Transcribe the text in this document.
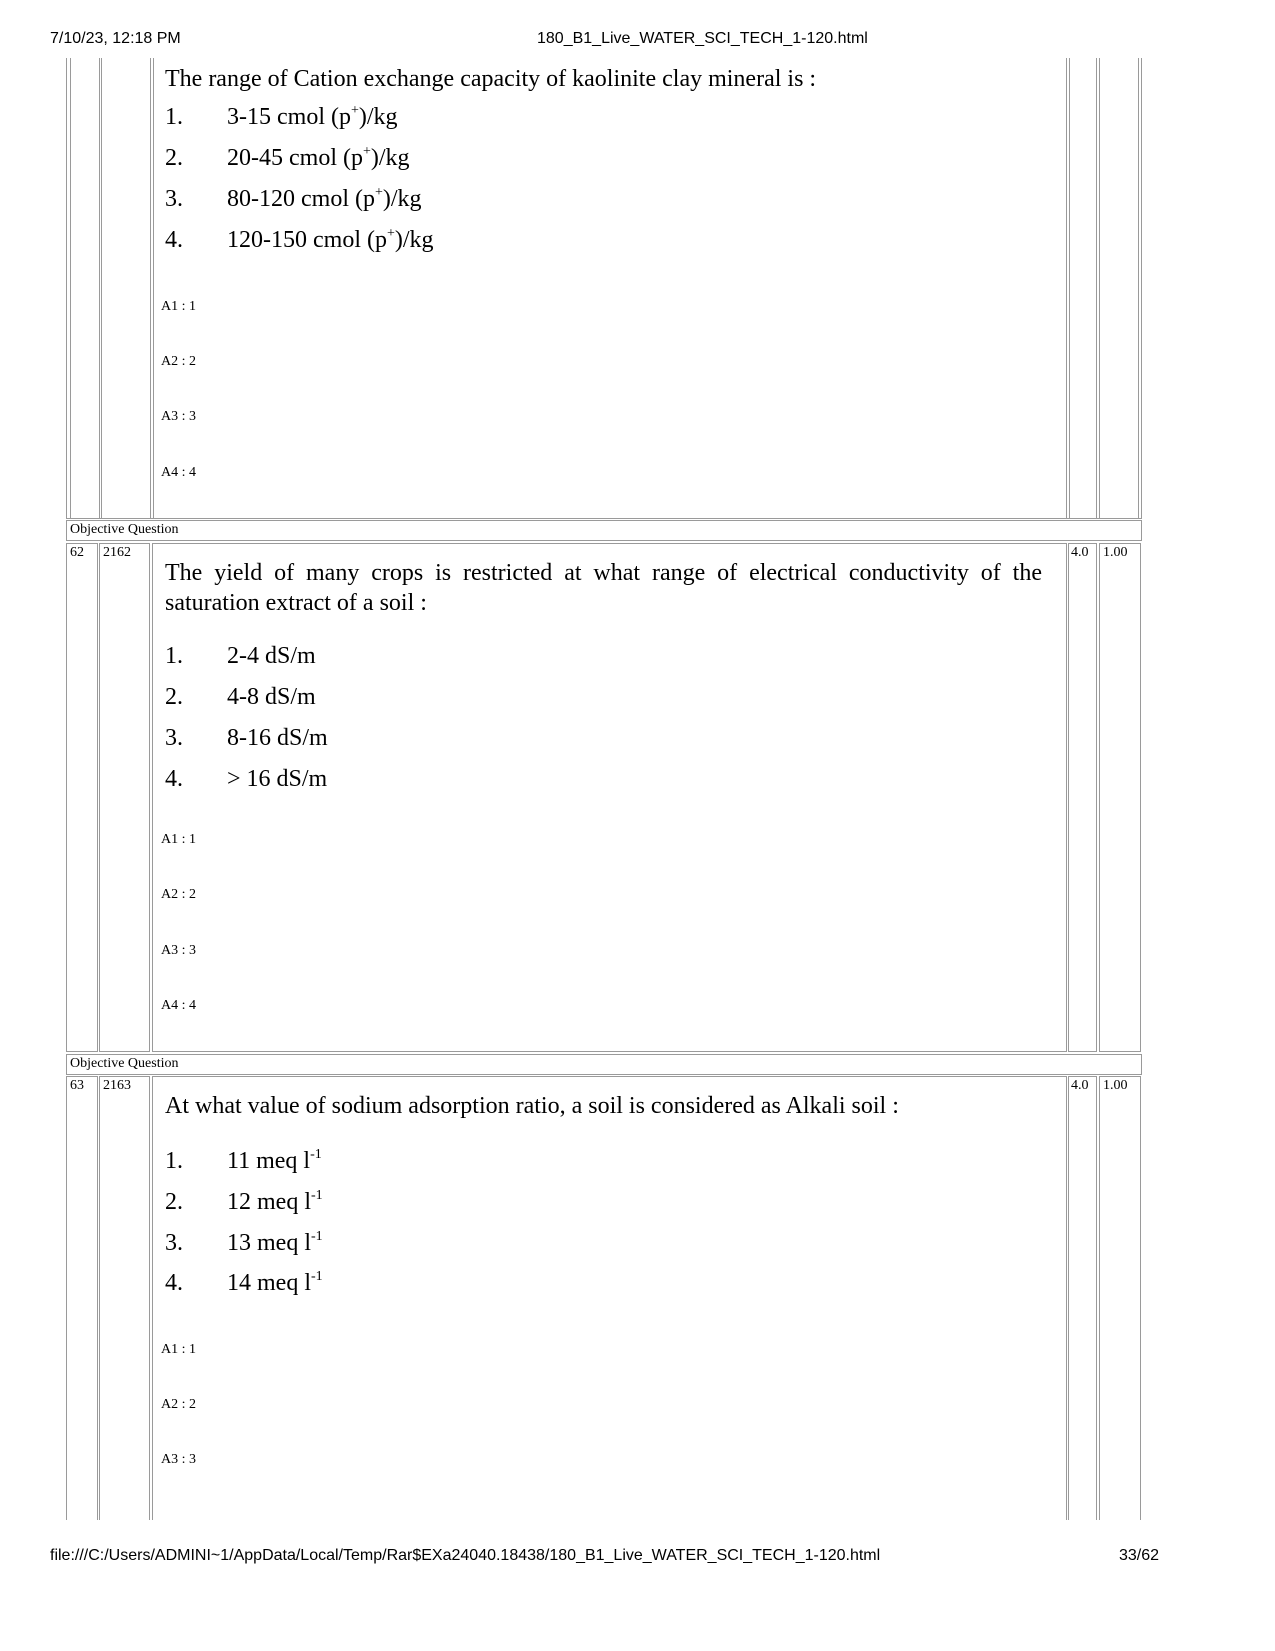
7/10/23, 12:18 PM	180_B1_Live_WATER_SCI_TECH_1-120.html
The range of Cation exchange capacity of kaolinite clay mineral is :
1.	3-15 cmol (p+)/kg
2.	20-45 cmol (p+)/kg
3.	80-120 cmol (p+)/kg
4.	120-150 cmol (p+)/kg
A1 : 1
A2 : 2
A3 : 3
A4 : 4
Objective Question
62 2162	4.0 1.00
The yield of many crops is restricted at what range of electrical conductivity of the saturation extract of a soil :
1.	2-4 dS/m
2.	4-8 dS/m
3.	8-16 dS/m
4.	> 16 dS/m
A1 : 1
A2 : 2
A3 : 3
A4 : 4
Objective Question
63 2163	4.0 1.00
At what value of sodium adsorption ratio, a soil is considered as Alkali soil :
1.	11 meq $l^{-1}$
2.	12 meq $l^{-1}$
3.	13 meq $l^{-1}$
4.	14 meq $l^{-1}$
A1 : 1
A2 : 2
A3 : 3
file:///C:/Users/ADMINI~1/AppData/Local/Temp/Rar$EXa24040.18438/180_B1_Live_WATER_SCI_TECH_1-120.html	33/62
